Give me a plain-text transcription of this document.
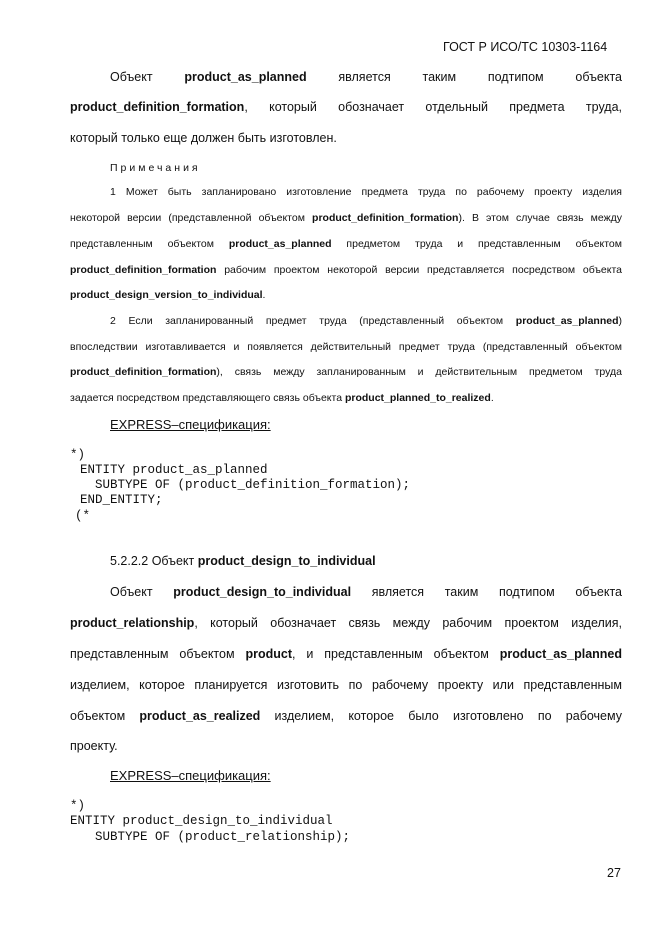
ГОСТ Р ИСО/ТС 10303-1164
Объект product_as_planned является таким подтипом объекта
product_definition_formation, который обозначает отдельный предмета труда,
который только еще должен быть изготовлен.
Примечания
1 Может быть запланировано изготовление предмета труда по рабочему проекту изделия
некоторой версии (представленной объектом product_definition_formation). В этом случае связь между
представленным объектом product_as_planned предметом труда и представленным объектом
product_definition_formation рабочим проектом некоторой версии представляется посредством объекта
product_design_version_to_individual.
2 Если запланированный предмет труда (представленный объектом product_as_planned)
впоследствии изготавливается и появляется действительный предмет труда (представленный объектом
product_definition_formation), связь между запланированным и действительным предметом труда
задается посредством представляющего связь объекта product_planned_to_realized.
EXPRESS–спецификация:
*)
ENTITY product_as_planned
SUBTYPE OF (product_definition_formation);
END_ENTITY;
(*
5.2.2.2 Объект product_design_to_individual
Объект product_design_to_individual является таким подтипом объекта
product_relationship, который обозначает связь между рабочим проектом изделия,
представленным объектом product, и представленным объектом product_as_planned
изделием, которое планируется изготовить по рабочему проекту или представленным
объектом product_as_realized изделием, которое было изготовлено по рабочему
проекту.
EXPRESS–спецификация:
*)
ENTITY product_design_to_individual
SUBTYPE OF (product_relationship);
27
